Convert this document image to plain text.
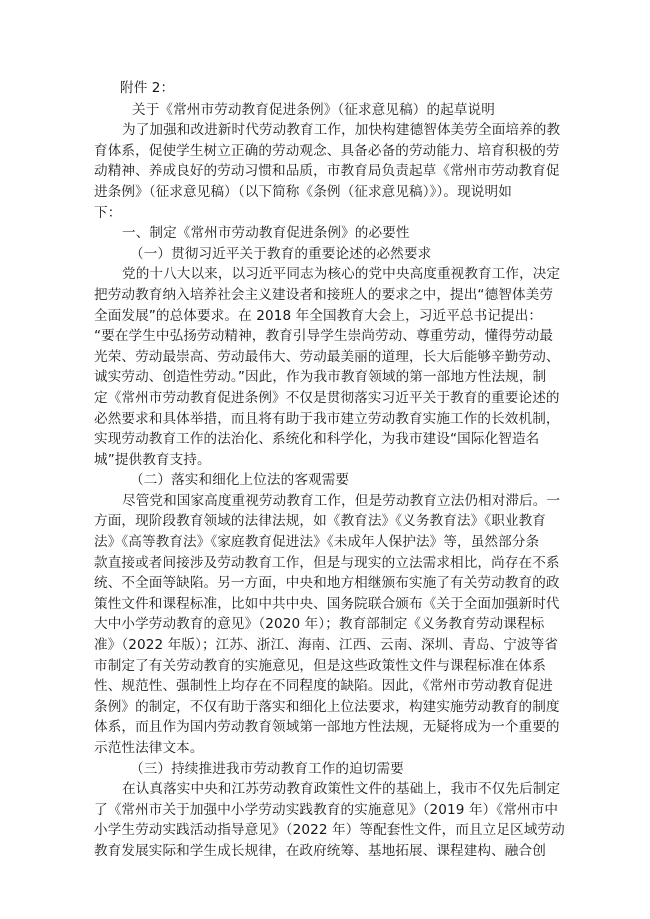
附件 2：
关于《常州市劳动教育促进条例》（征求意见稿）的起草说明
为了加强和改进新时代劳动教育工作，加快构建德智体美劳全面培养的教
育体系，促使学生树立正确的劳动观念、具备必备的劳动能力、培育积极的劳
动精神、养成良好的劳动习惯和品质，市教育局负责起草《常州市劳动教育促
进条例》（征求意见稿）（以下简称《条例（征求意见稿）》）。现说明如
下：
一、制定《常州市劳动教育促进条例》的必要性
（一）贯彻习近平关于教育的重要论述的必然要求
党的十八大以来，以习近平同志为核心的党中央高度重视教育工作，决定
把劳动教育纳入培养社会主义建设者和接班人的要求之中，提出“德智体美劳
全面发展”的总体要求。在 2018 年全国教育大会上，习近平总书记提出：
“要在学生中弘扬劳动精神，教育引导学生崇尚劳动、尊重劳动，懂得劳动最
光荣、劳动最崇高、劳动最伟大、劳动最美丽的道理，长大后能够辛勤劳动、
诚实劳动、创造性劳动。”因此，作为我市教育领域的第一部地方性法规，制
定《常州市劳动教育促进条例》不仅是贯彻落实习近平关于教育的重要论述的
必然要求和具体举措，而且将有助于我市建立劳动教育实施工作的长效机制，
实现劳动教育工作的法治化、系统化和科学化，为我市建设“国际化智造名
城”提供教育支持。
（二）落实和细化上位法的客观需要
尽管党和国家高度重视劳动教育工作，但是劳动教育立法仍相对滞后。一
方面，现阶段教育领域的法律法规，如《教育法》《义务教育法》《职业教育
法》《高等教育法》《家庭教育促进法》《未成年人保护法》等，虽然部分条
款直接或者间接涉及劳动教育工作，但是与现实的立法需求相比，尚存在不系
统、不全面等缺陷。另一方面，中央和地方相继颁布实施了有关劳动教育的政
策性文件和课程标准，比如中共中央、国务院联合颁布《关于全面加强新时代
大中小学劳动教育的意见》（2020 年）；教育部制定《义务教育劳动课程标
准》（2022 年版）；江苏、浙江、海南、江西、云南、深圳、青岛、宁波等省
市制定了有关劳动教育的实施意见，但是这些政策性文件与课程标准在体系
性、规范性、强制性上均存在不同程度的缺陷。因此，《常州市劳动教育促进
条例》的制定，不仅有助于落实和细化上位法要求，构建实施劳动教育的制度
体系，而且作为国内劳动教育领域第一部地方性法规，无疑将成为一个重要的
示范性法律文本。
（三）持续推进我市劳动教育工作的迫切需要
在认真落实中央和江苏劳动教育政策性文件的基础上，我市不仅先后制定
了《常州市关于加强中小学劳动实践教育的实施意见》（2019 年）《常州市中
小学生劳动实践活动指导意见》（2022 年）等配套性文件，而且立足区域劳动
教育发展实际和学生成长规律，在政府统筹、基地拓展、课程建构、融合创
